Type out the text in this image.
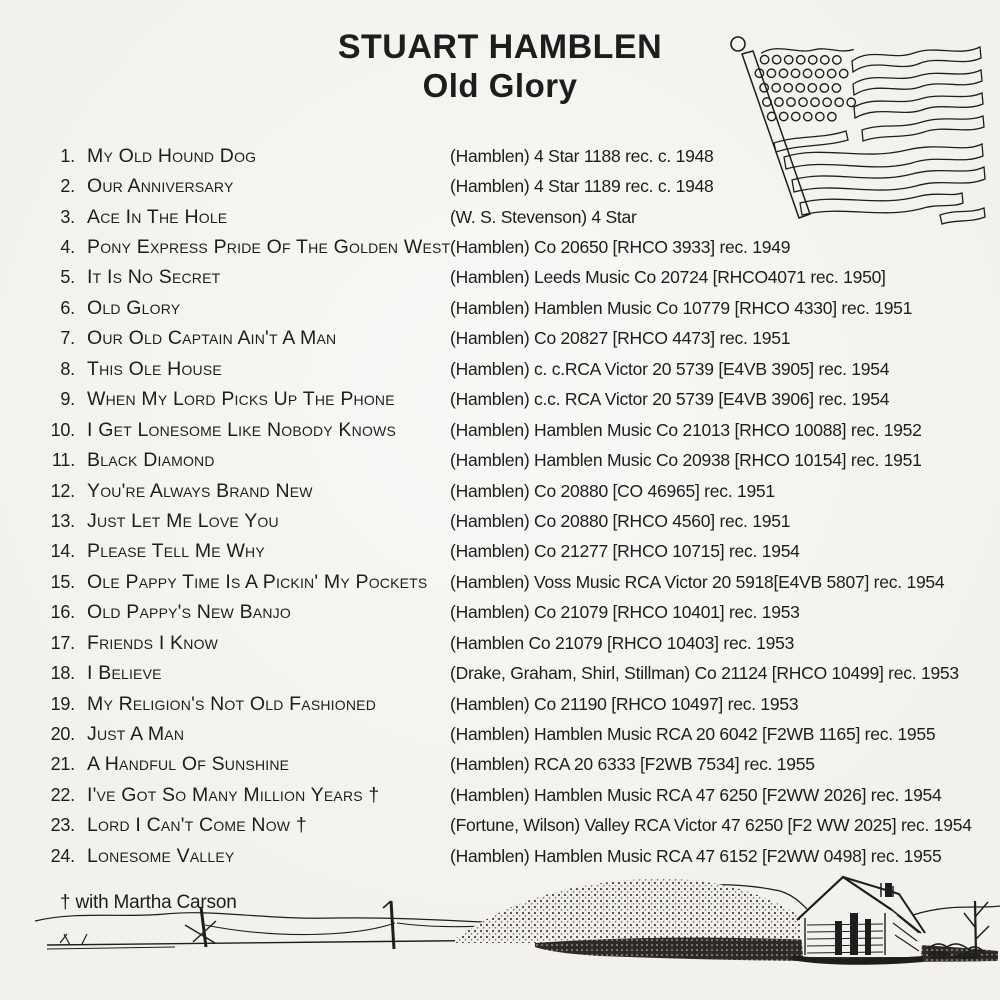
STUART HAMBLEN
Old Glory
1. My Old Hound Dog	(Hamblen) 4 Star 1188 rec. c. 1948
2. Our Anniversary	(Hamblen) 4 Star 1189 rec. c. 1948
3. Ace In The Hole	(W. S. Stevenson) 4 Star
4. Pony Express Pride Of The Golden West (Hamblen) Co 20650 [RHCO 3933] rec. 1949
5. It Is No Secret	(Hamblen) Leeds Music Co 20724 [RHCO4071 rec. 1950]
6. Old Glory	(Hamblen) Hamblen Music Co 10779 [RHCO 4330] rec. 1951
7. Our Old Captain Ain't A Man	(Hamblen) Co 20827 [RHCO 4473] rec. 1951
8. This Ole House	(Hamblen) c. c.RCA Victor 20 5739 [E4VB 3905] rec. 1954
9. When My Lord Picks Up The Phone	(Hamblen) c.c. RCA Victor 20 5739 [E4VB 3906] rec. 1954
10. I Get Lonesome Like Nobody Knows	(Hamblen) Hamblen Music Co 21013 [RHCO 10088] rec. 1952
11. Black Diamond	(Hamblen) Hamblen Music Co 20938 [RHCO 10154] rec. 1951
12. You're Always Brand New	(Hamblen) Co 20880 [CO 46965] rec. 1951
13. Just Let Me Love You	(Hamblen) Co 20880 [RHCO 4560] rec. 1951
14. Please Tell Me Why	(Hamblen) Co 21277 [RHCO 10715] rec. 1954
15. Ole Pappy Time Is A Pickin' My Pockets	(Hamblen) Voss Music RCA Victor 20 5918[E4VB 5807] rec. 1954
16. Old Pappy's New Banjo	(Hamblen) Co 21079 [RHCO 10401] rec. 1953
17. Friends I Know	(Hamblen Co 21079 [RHCO 10403] rec. 1953
18. I Believe	(Drake, Graham, Shirl, Stillman) Co 21124 [RHCO 10499] rec. 1953
19. My Religion's Not Old Fashioned	(Hamblen) Co 21190 [RHCO 10497] rec. 1953
20. Just A Man	(Hamblen) Hamblen Music RCA 20 6042 [F2WB 1165] rec. 1955
21. A Handful Of Sunshine	(Hamblen) RCA 20 6333 [F2WB 7534] rec. 1955
22. I've Got So Many Million Years †	(Hamblen) Hamblen Music RCA 47 6250 [F2WW 2026] rec. 1954
23. Lord I Can't Come Now †	(Fortune, Wilson) Valley RCA Victor 47 6250 [F2 WW 2025] rec. 1954
24. Lonesome Valley	(Hamblen) Hamblen Music RCA 47 6152 [F2WW 0498] rec. 1955
† with Martha Carson
